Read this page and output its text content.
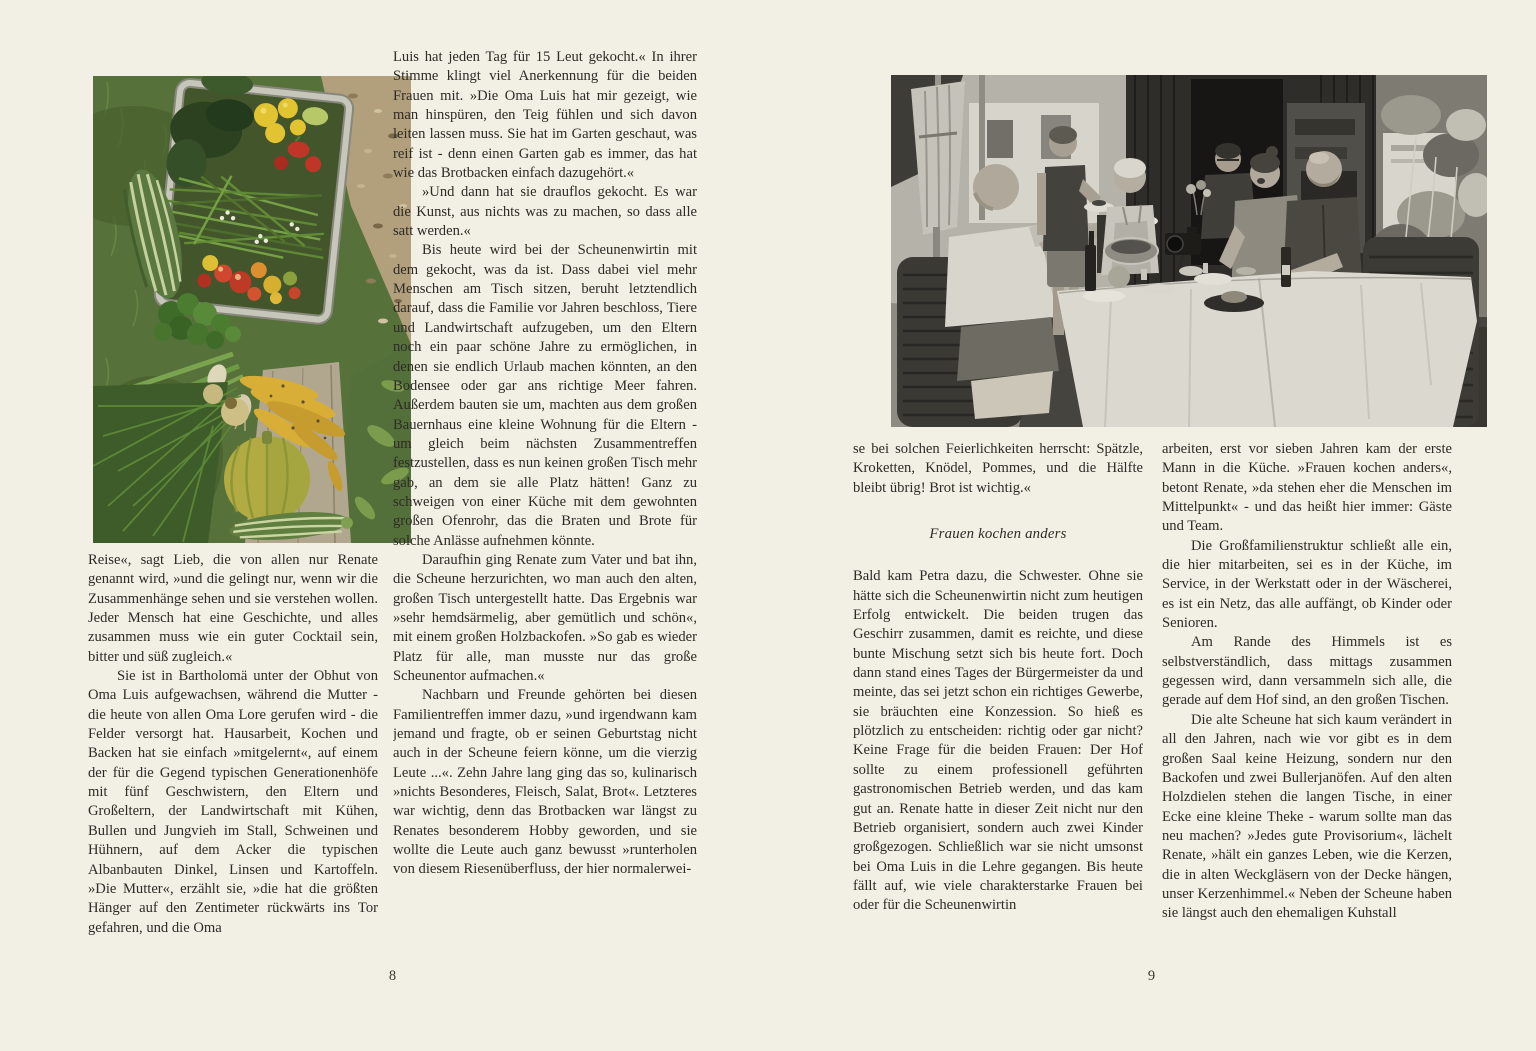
Reise«, sagt Lieb, die von allen nur Renate genannt wird, »und die gelingt nur, wenn wir die Zusammenhänge sehen und sie verstehen wollen. Jeder Mensch hat eine Geschichte, und alles zusammen muss wie ein guter Cocktail sein, bitter und süß zugleich.«

Sie ist in Bartholomä unter der Obhut von Oma Luis aufgewachsen, während die Mutter - die heute von allen Oma Lore gerufen wird - die Felder versorgt hat. Hausarbeit, Kochen und Backen hat sie einfach »mitgelernt«, auf einem der für die Gegend typischen Generationenhöfe mit fünf Geschwistern, den Eltern und Großeltern, der Landwirtschaft mit Kühen, Bullen und Jungvieh im Stall, Schweinen und Hühnern, auf dem Acker die typischen Albanbauten Dinkel, Linsen und Kartoffeln. »Die Mutter«, erzählt sie, »die hat die größten Hänger auf den Zentimeter rückwärts ins Tor gefahren, und die Oma

Luis hat jeden Tag für 15 Leut gekocht.« In ihrer Stimme klingt viel Anerkennung für die beiden Frauen mit. »Die Oma Luis hat mir gezeigt, wie man hinspüren, den Teig fühlen und sich davon leiten lassen muss. Sie hat im Garten geschaut, was reif ist - denn einen Garten gab es immer, das hat wie das Brotbacken einfach dazugehört.«

»Und dann hat sie drauflos gekocht. Es war die Kunst, aus nichts was zu machen, so dass alle satt werden.«

Bis heute wird bei der Scheunenwirtin mit dem gekocht, was da ist. Dass dabei viel mehr Menschen am Tisch sitzen, beruht letztendlich darauf, dass die Familie vor Jahren beschloss, Tiere und Landwirtschaft aufzugeben, um den Eltern noch ein paar schöne Jahre zu ermöglichen, in denen sie endlich Urlaub machen könnten, an den Bodensee oder gar ans richtige Meer fahren. Außerdem bauten sie um, machten aus dem großen Bauernhaus eine kleine Wohnung für die Eltern - um gleich beim nächsten Zusammentreffen festzustellen, dass es nun keinen großen Tisch mehr gab, an dem sie alle Platz hätten! Ganz zu schweigen von einer Küche mit dem gewohnten großen Ofenrohr, das die Braten und Brote für solche Anlässe aufnehmen könnte.

Daraufhin ging Renate zum Vater und bat ihn, die Scheune herzurichten, wo man auch den alten, großen Tisch untergestellt hatte. Das Ergebnis war »sehr hemdsärmelig, aber gemütlich und schön«, mit einem großen Holzbackofen. »So gab es wieder Platz für alle, man musste nur das große Scheunentor aufmachen.«

Nachbarn und Freunde gehörten bei diesen Familientreffen immer dazu, »und irgendwann kam jemand und fragte, ob er seinen Geburtstag nicht auch in der Scheune feiern könne, um die vierzig Leute ...«. Zehn Jahre lang ging das so, kulinarisch »nichts Besonderes, Fleisch, Salat, Brot«. Letzteres war wichtig, denn das Brotbacken war längst zu Renates besonderem Hobby geworden, und sie wollte die Leute auch ganz bewusst »runterholen von diesem Riesenüberfluss, der hier normalerwei-

8

se bei solchen Feierlichkeiten herrscht: Spätzle, Kroketten, Knödel, Pommes, und die Hälfte bleibt übrig! Brot ist wichtig.«

Frauen kochen anders

Bald kam Petra dazu, die Schwester. Ohne sie hätte sich die Scheunenwirtin nicht zum heutigen Erfolg entwickelt. Die beiden trugen das Geschirr zusammen, damit es reichte, und diese bunte Mischung setzt sich bis heute fort. Doch dann stand eines Tages der Bürgermeister da und meinte, das sei jetzt schon ein richtiges Gewerbe, sie bräuchten eine Konzession. So hieß es plötzlich zu entscheiden: richtig oder gar nicht? Keine Frage für die beiden Frauen: Der Hof sollte zu einem professionell geführten gastronomischen Betrieb werden, und das kam gut an. Renate hatte in dieser Zeit nicht nur den Betrieb organisiert, sondern auch zwei Kinder großgezogen. Schließlich war sie nicht umsonst bei Oma Luis in die Lehre gegangen. Bis heute fällt auf, wie viele charakterstarke Frauen bei oder für die Scheunenwirtin

arbeiten, erst vor sieben Jahren kam der erste Mann in die Küche. »Frauen kochen anders«, betont Renate, »da stehen eher die Menschen im Mittelpunkt« - und das heißt hier immer: Gäste und Team.

Die Großfamilienstruktur schließt alle ein, die hier mitarbeiten, sei es in der Küche, im Service, in der Werkstatt oder in der Wäscherei, es ist ein Netz, das alle auffängt, ob Kinder oder Senioren.

Am Rande des Himmels ist es selbstverständlich, dass mittags zusammen gegessen wird, dann versammeln sich alle, die gerade auf dem Hof sind, an den großen Tischen.

Die alte Scheune hat sich kaum verändert in all den Jahren, nach wie vor gibt es in dem großen Saal keine Heizung, sondern nur den Backofen und zwei Bullerjanöfen. Auf den alten Holzdielen stehen die langen Tische, in einer Ecke eine kleine Theke - warum sollte man das neu machen? »Jedes gute Provisorium«, lächelt Renate, »hält ein ganzes Leben, wie die Kerzen, die in alten Weckgläsern von der Decke hängen, unser Kerzenhimmel.« Neben der Scheune haben sie längst auch den ehemaligen Kuhstall

9
